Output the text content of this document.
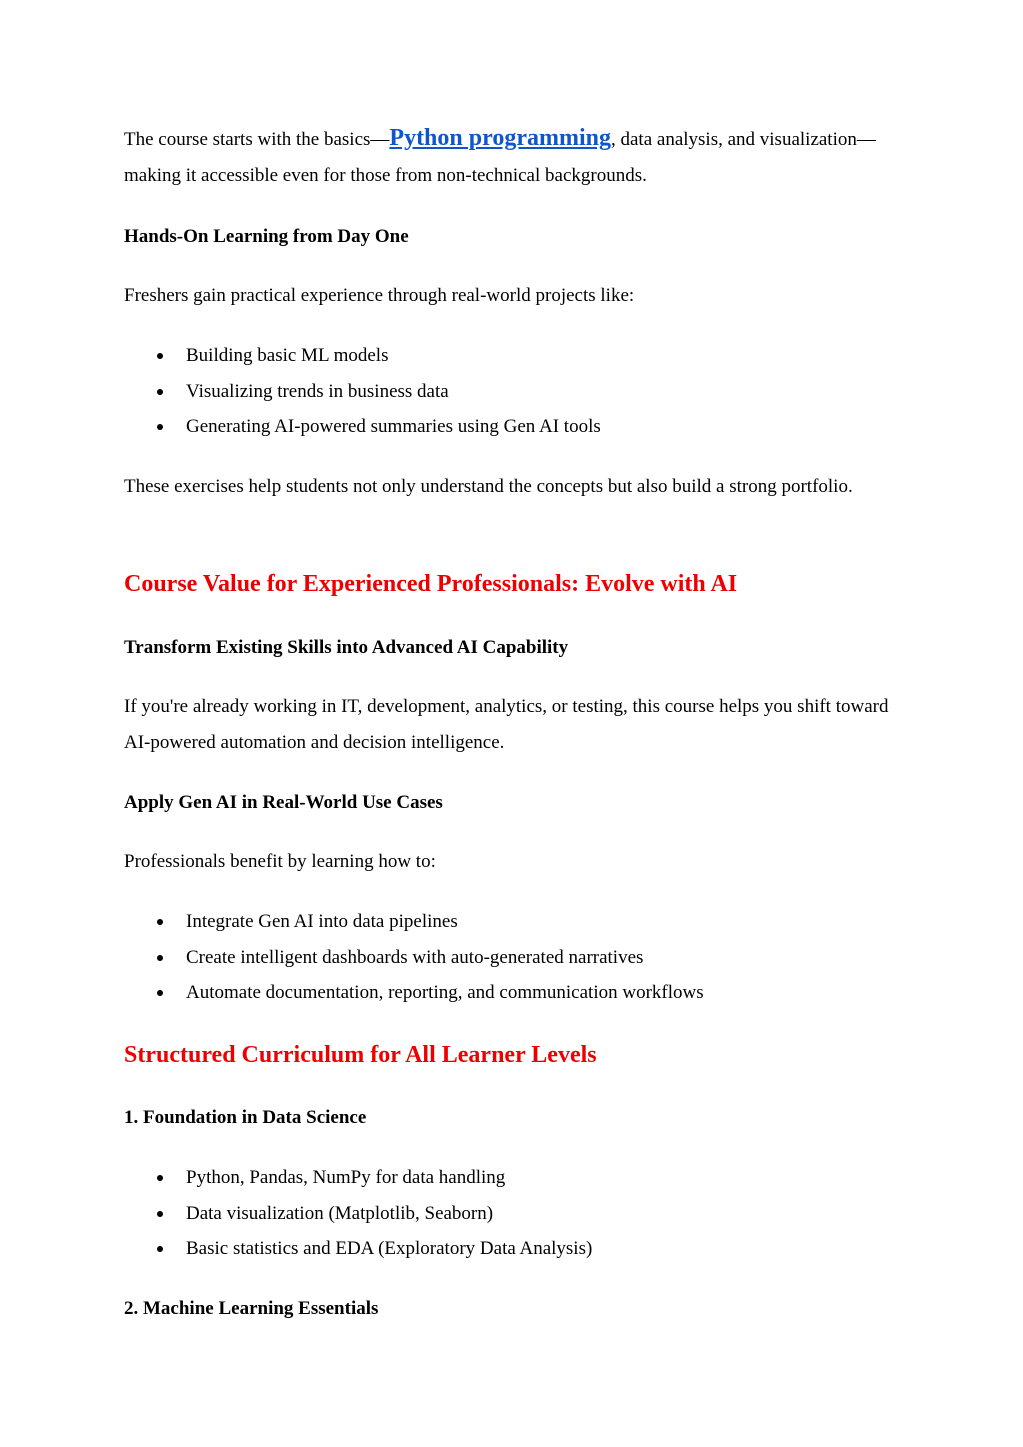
The course starts with the basics—Python programming, data analysis, and visualization—making it accessible even for those from non-technical backgrounds.

Hands-On Learning from Day One

Freshers gain practical experience through real-world projects like:

Building basic ML models
Visualizing trends in business data
Generating AI-powered summaries using Gen AI tools

These exercises help students not only understand the concepts but also build a strong portfolio.

Course Value for Experienced Professionals: Evolve with AI
Transform Existing Skills into Advanced AI Capability

If you're already working in IT, development, analytics, or testing, this course helps you shift toward AI-powered automation and decision intelligence.

Apply Gen AI in Real-World Use Cases

Professionals benefit by learning how to:

Integrate Gen AI into data pipelines
Create intelligent dashboards with auto-generated narratives
Automate documentation, reporting, and communication workflows
Structured Curriculum for All Learner Levels
1. Foundation in Data Science
Python, Pandas, NumPy for data handling
Data visualization (Matplotlib, Seaborn)
Basic statistics and EDA (Exploratory Data Analysis)
2. Machine Learning Essentials
